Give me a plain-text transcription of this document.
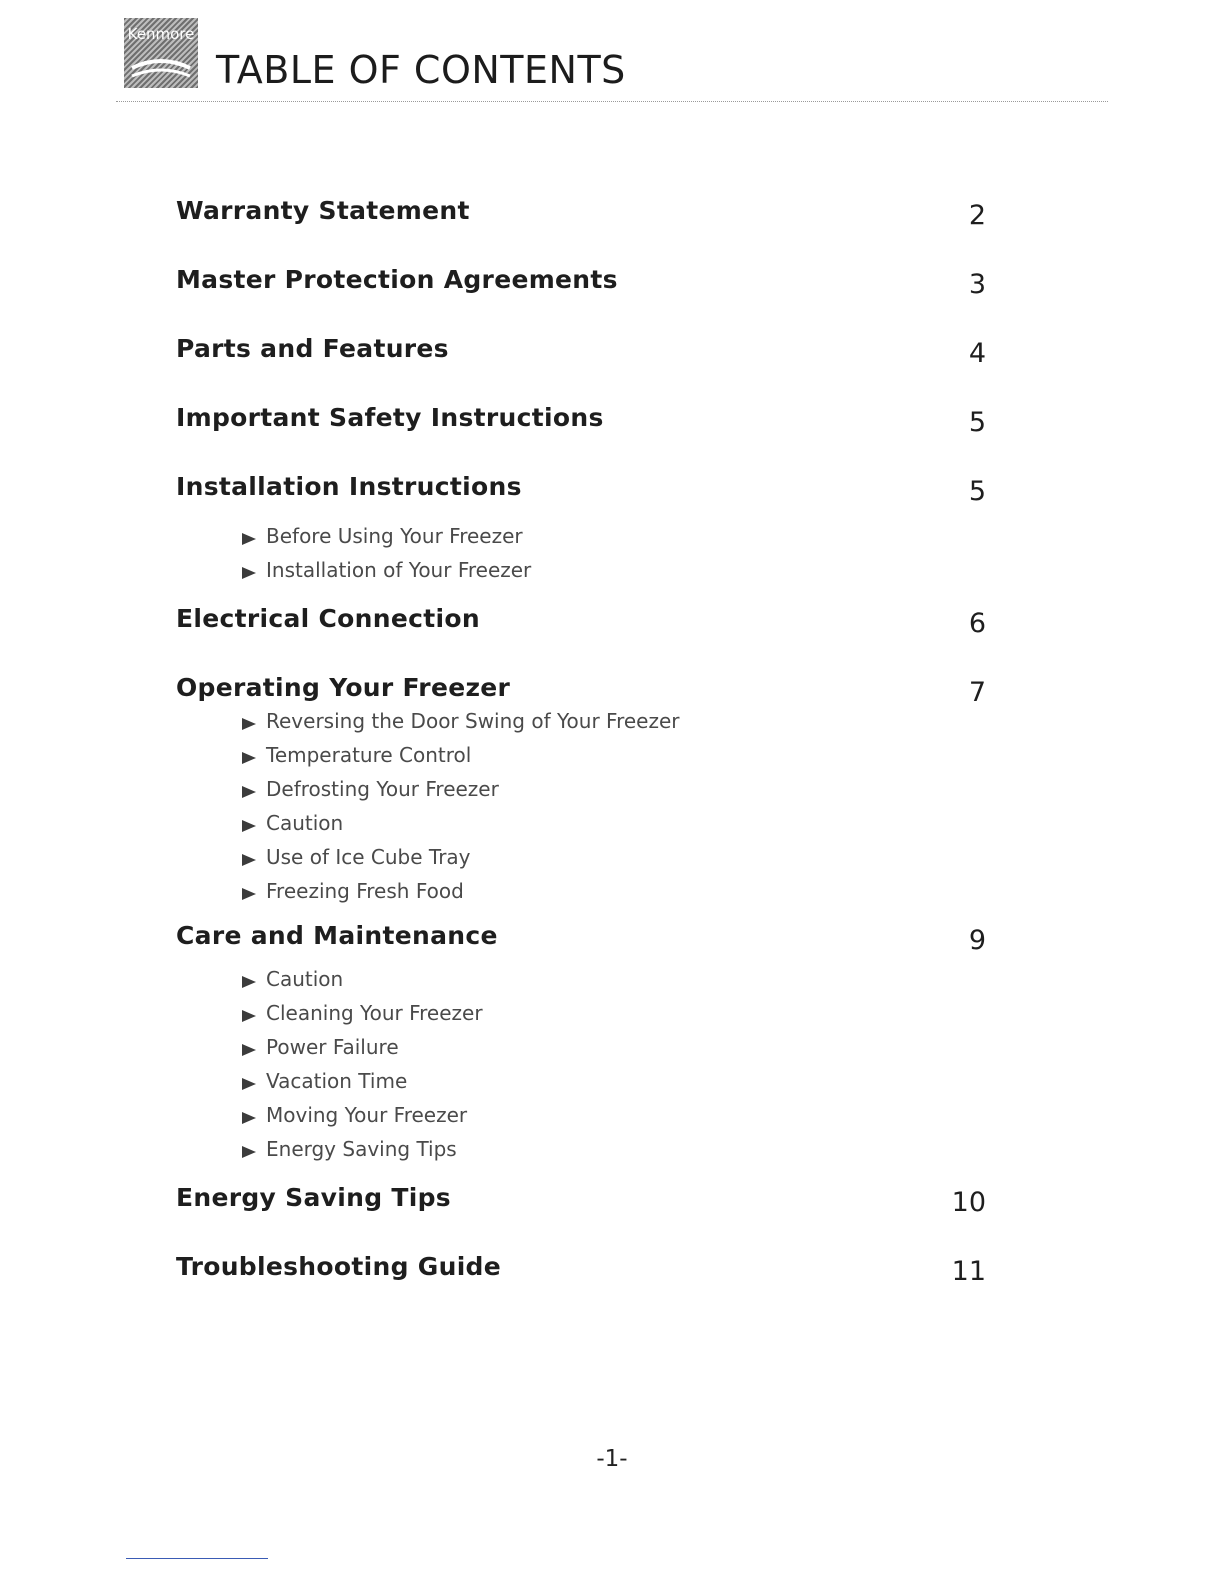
Kenmore
TABLE OF CONTENTS
Warranty Statement	2
Master Protection Agreements	3
Parts and Features	4
Important Safety Instructions	5
Installation Instructions	5
Before Using Your Freezer
Installation of Your Freezer
Electrical Connection	6
Operating Your Freezer	7
Reversing the Door Swing of Your Freezer
Temperature Control
Defrosting Your Freezer
Caution
Use of Ice Cube Tray
Freezing Fresh Food
Care and Maintenance	9
Caution
Cleaning Your Freezer
Power Failure
Vacation Time
Moving Your Freezer
Energy Saving Tips
Energy Saving Tips	10
Troubleshooting Guide	11
-1-
